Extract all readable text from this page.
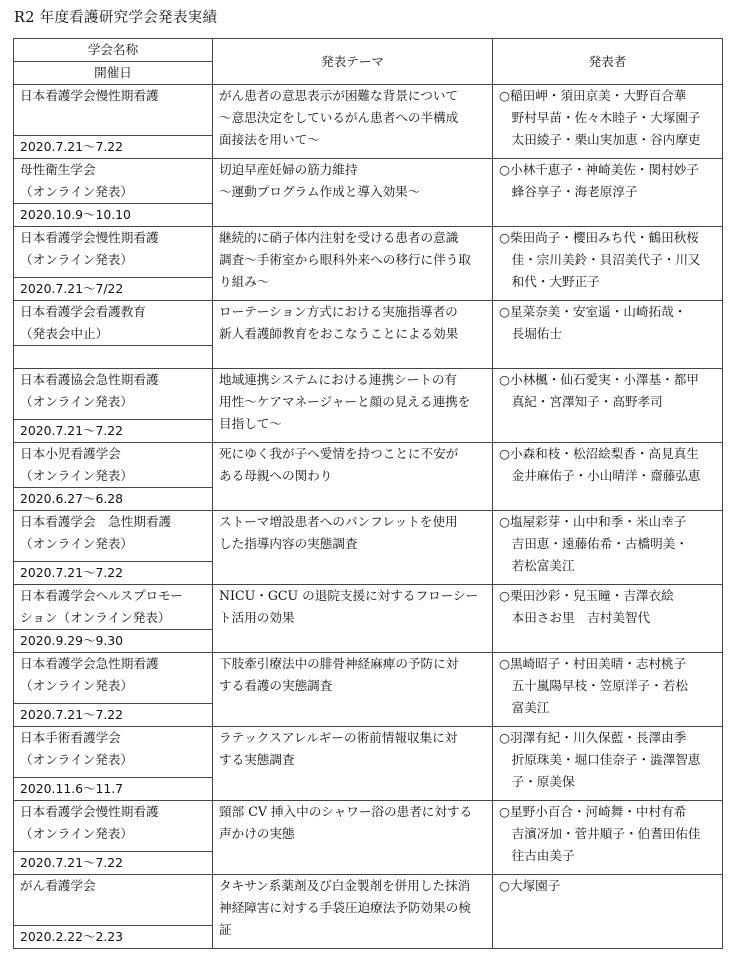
R2 年度看護研究学会発表実績
学会名称	発表テーマ	発表者
開催日		
日本看護学会慢性期看護	がん患者の意思表示が困難な背景について
～意思決定をしているがん患者への半構成
面接法を用いて～	○稲田岬・須田京美・大野百合華
　野村早苗・佐々木睦子・大塚園子
　太田綾子・栗山実加恵・谷内摩吏
2020.7.21～7.22		
母性衛生学会
（オンライン発表）	切迫早産妊婦の筋力維持
～運動プログラム作成と導入効果～	○小林千恵子・神崎美佐・関村妙子
　蜂谷享子・海老原淳子
2020.10.9～10.10		
日本看護学会慢性期看護
（オンライン発表）	継続的に硝子体内注射を受ける患者の意識
調査～手術室から眼科外来への移行に伴う取
り組み～	○柴田尚子・櫻田みち代・鶴田秋桜
　佳・宗川美鈴・貝沼美代子・川又
　和代・大野正子
2020.7.21～7/22		
日本看護学会看護教育
（発表会中止）	ローテーション方式における実施指導者の
新人看護師教育をおこなうことによる効果	○星菜奈美・安室遥・山崎拓哉・
　長堀佑士

日本看護協会急性期看護
（オンライン発表）	地域連携システムにおける連携シートの有
用性～ケアマネージャーと顔の見える連携を
目指して～	○小林楓・仙石愛実・小澤基・都甲
　真紀・宮澤知子・高野孝司
2020.7.21～7.22		
日本小児看護学会
（オンライン発表）	死にゆく我が子へ愛情を持つことに不安が
ある母親への関わり	○小森和枝・松沼絵梨香・高見真生
　金井麻佑子・小山晴洋・齋藤弘恵
2020.6.27～6.28		
日本看護学会　急性期看護
（オンライン発表）	ストーマ増設患者へのパンフレットを使用
した指導内容の実態調査	○塩屋彩芽・山中和季・米山幸子
　吉田恵・遠藤佑希・古橋明美・
　若松富美江
2020.7.21～7.22		
日本看護学会ヘルスプロモー
ション（オンライン発表）	NICU・GCU の退院支援に対するフローシー
ト活用の効果	○栗田沙彩・兒玉瞳・吉澤衣絵
　本田さお里　吉村美智代
2020.9.29～9.30		
日本看護学会急性期看護
（オンライン発表）	下肢牽引療法中の腓骨神経麻痺の予防に対
する看護の実態調査	○黒崎昭子・村田美晴・志村桃子
　五十嵐陽早枝・笠原洋子・若松
　富美江
2020.7.21～7.22		
日本手術看護学会
（オンライン発表）	ラテックスアレルギーの術前情報収集に対
する実態調査	○羽澤有紀・川久保藍・長澤由季
　折原珠美・堀口佳奈子・澁澤智恵
　子・原美保
2020.11.6～11.7		
日本看護学会慢性期看護
（オンライン発表）	頸部 CV 挿入中のシャワー浴の患者に対する
声かけの実態	○星野小百合・河崎舞・中村有希
　吉濱冴加・菅井順子・伯耆田佑佳
　往古由美子
2020.7.21～7.22		
がん看護学会	タキサン系薬剤及び白金製剤を併用した抹消
神経障害に対する手袋圧迫療法予防効果の検
証	○大塚園子
2020.2.22～2.23		
